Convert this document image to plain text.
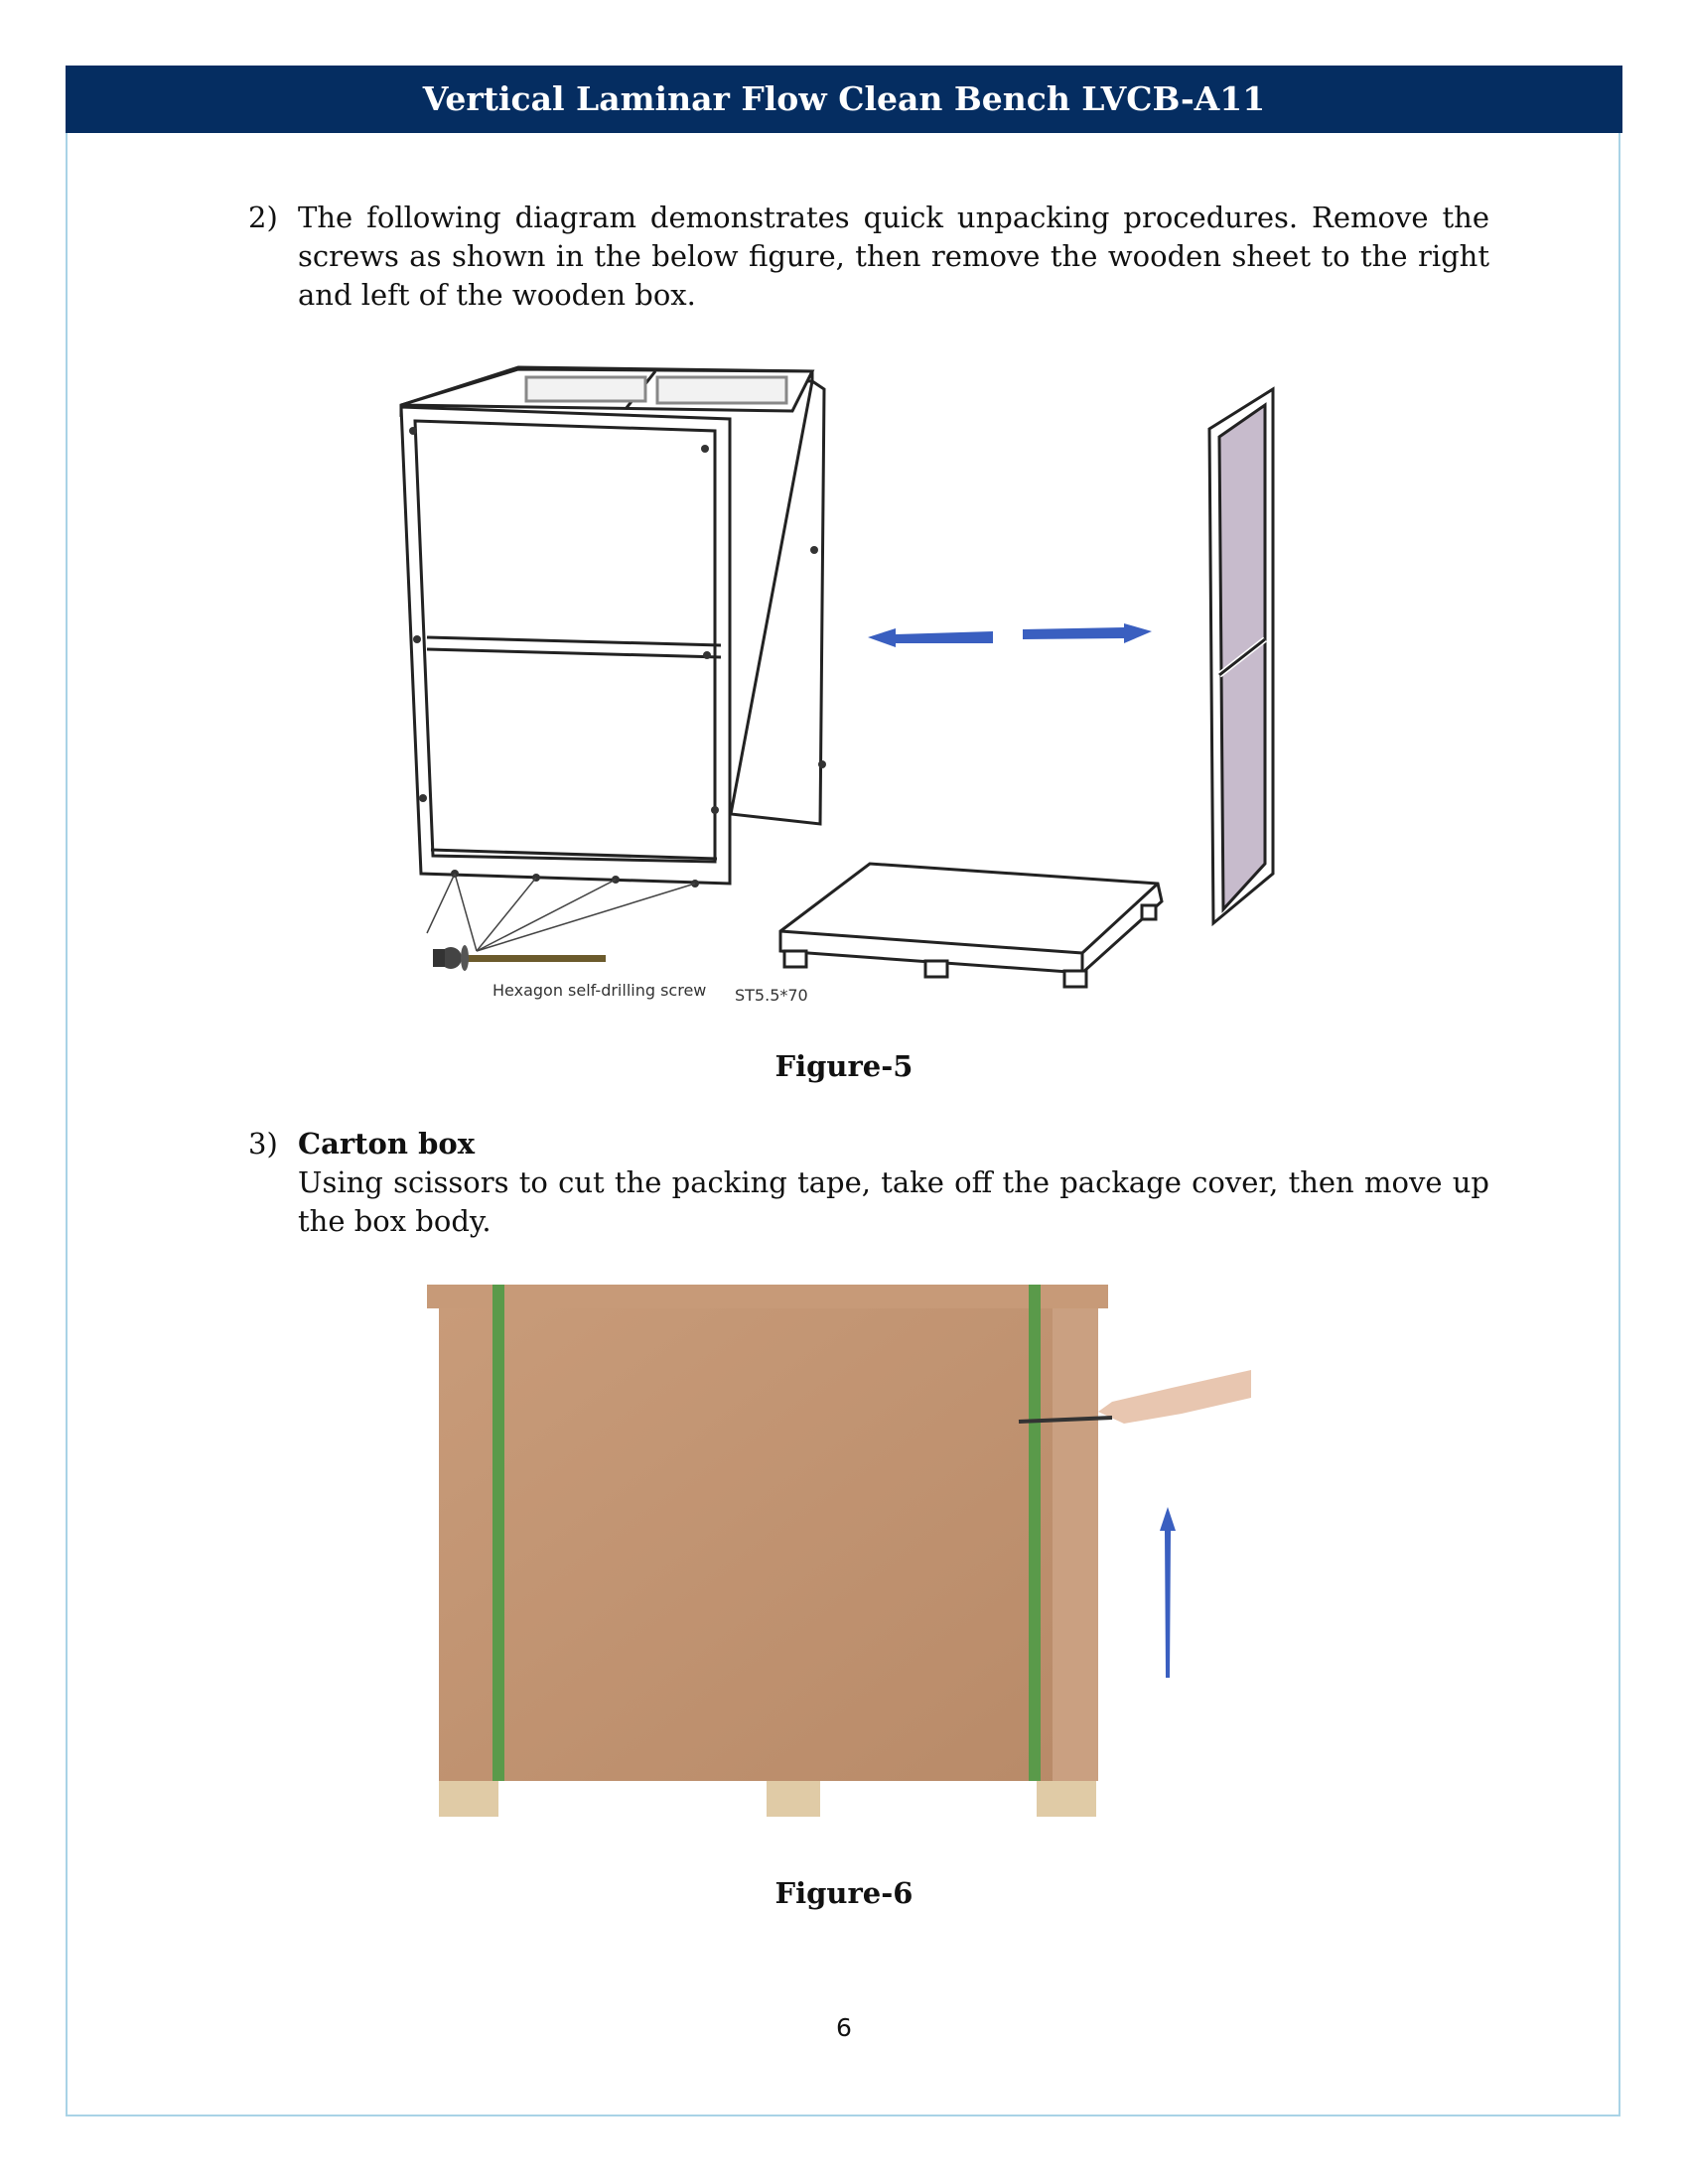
Vertical Laminar Flow Clean Bench LVCB-A11
2) The following diagram demonstrates quick unpacking procedures. Remove the screws as shown in the below figure, then remove the wooden sheet to the right and left of the wooden box.
Hexagon self-drilling screw ST5.5*70
Figure-5
3) Carton box
Using scissors to cut the packing tape, take off the package cover, then move up the box body.
Figure-6
6
